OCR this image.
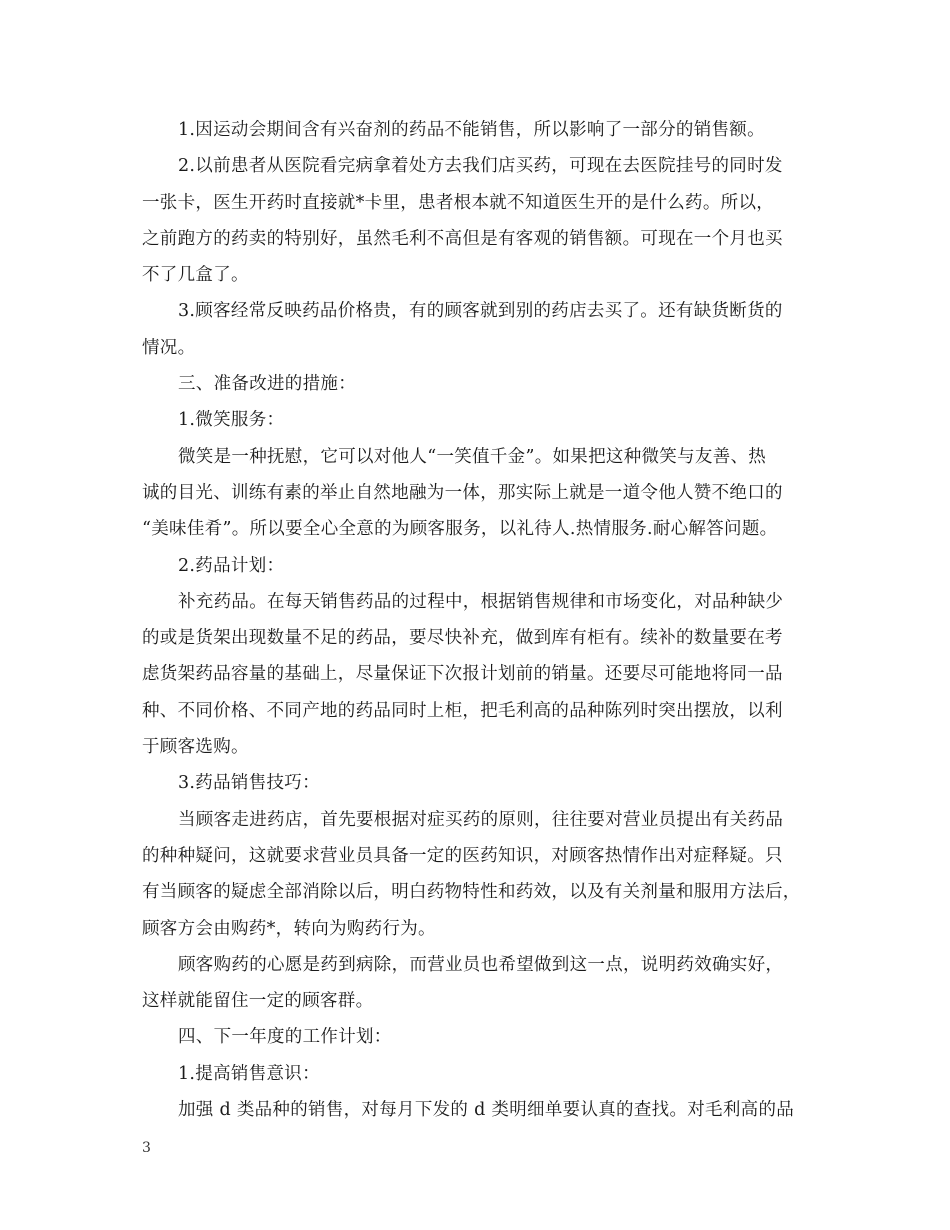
1.因运动会期间含有兴奋剂的药品不能销售，所以影响了一部分的销售额。

2.以前患者从医院看完病拿着处方去我们店买药，可现在去医院挂号的同时发

一张卡，医生开药时直接就*卡里，患者根本就不知道医生开的是什么药。所以，

之前跑方的药卖的特别好，虽然毛利不高但是有客观的销售额。可现在一个月也买

不了几盒了。

3.顾客经常反映药品价格贵，有的顾客就到别的药店去买了。还有缺货断货的

情况。

三、准备改进的措施：

1.微笑服务：

微笑是一种抚慰，它可以对他人“一笑值千金”。如果把这种微笑与友善、热

诚的目光、训练有素的举止自然地融为一体，那实际上就是一道令他人赞不绝口的

“美味佳肴”。所以要全心全意的为顾客服务，以礼待人.热情服务.耐心解答问题。

2.药品计划：

补充药品。在每天销售药品的过程中，根据销售规律和市场变化，对品种缺少

的或是货架出现数量不足的药品，要尽快补充，做到库有柜有。续补的数量要在考

虑货架药品容量的基础上，尽量保证下次报计划前的销量。还要尽可能地将同一品

种、不同价格、不同产地的药品同时上柜，把毛利高的品种陈列时突出摆放，以利

于顾客选购。

3.药品销售技巧：

当顾客走进药店，首先要根据对症买药的原则，往往要对营业员提出有关药品

的种种疑问，这就要求营业员具备一定的医药知识，对顾客热情作出对症释疑。只

有当顾客的疑虑全部消除以后，明白药物特性和药效，以及有关剂量和服用方法后，

顾客方会由购药*，转向为购药行为。

顾客购药的心愿是药到病除，而营业员也希望做到这一点，说明药效确实好，

这样就能留住一定的顾客群。

四、下一年度的工作计划：

1.提高销售意识：

加强 d 类品种的销售，对每月下发的 d 类明细单要认真的查找。对毛利高的品

3
